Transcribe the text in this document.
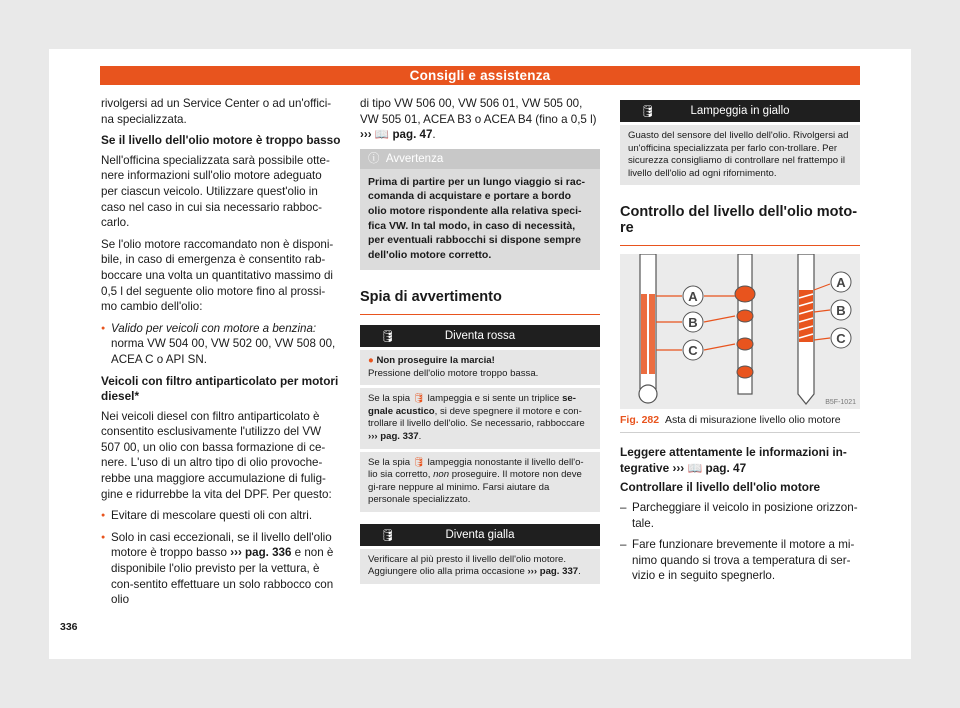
Consigli e assistenza

rivolgersi ad un Service Center o ad un'offici-na specializzata.

Se il livello dell'olio motore è troppo basso

Nell'officina specializzata sarà possibile otte-nere informazioni sull'olio motore adeguato per ciascun veicolo. Utilizzare quest'olio in caso nel caso in cui sia necessario rabboc-carlo.

Se l'olio motore raccomandato non è disponi-bile, in caso di emergenza è consentito rab-boccare una volta un quantitativo massimo di 0,5 l del seguente olio motore fino al prossi-mo cambio dell'olio:

● Valido per veicoli con motore a benzina: norma VW 504 00, VW 502 00, VW 508 00, ACEA C o API SN.

Veicoli con filtro antiparticolato per motori diesel*

Nei veicoli diesel con filtro antiparticolato è consentito esclusivamente l'utilizzo del VW 507 00, un olio con bassa formazione di ce-nere. L'uso di un altro tipo di olio provoche-rebbe una maggiore accumulazione di fulig-gine e ridurrebbe la vita del DPF. Per questo:

● Evitare di mescolare questi oli con altri.

● Solo in casi eccezionali, se il livello dell'olio motore è troppo basso ››› pag. 336 e non è disponibile l'olio previsto per la vettura, è con-sentito effettuare un solo rabbocco con olio

di tipo VW 506 00, VW 506 01, VW 505 00, VW 505 01, ACEA B3 o ACEA B4 (fino a 0,5 l)
››› 📖 pag. 47.

ⓘ Avvertenza
Prima di partire per un lungo viaggio si rac-comanda di acquistare e portare a bordo olio motore rispondente alla relativa speci-fica VW. In tal modo, in caso di necessità, per eventuali rabbocchi si dispone sempre dell'olio motore corretto.
Spia di avvertimento
🛢	Diventa rossa
● Non proseguire la marcia!
Pressione dell'olio motore troppo bassa.
Se la spia 🛢 lampeggia e si sente un triplice se-gnale acustico, si deve spegnere il motore e con-trollare il livello dell'olio. Se necessario, rabboccare ››› pag. 337.
Se la spia 🛢 lampeggia nonostante il livello dell'o-lio sia corretto, non proseguire. Il motore non deve gi-rare neppure al minimo. Farsi aiutare da personale specializzato.
🛢	Diventa gialla
Verificare al più presto il livello dell'olio motore. Aggiungere olio alla prima occasione ››› pag. 337.
🛢	Lampeggia in giallo
Guasto del sensore del livello dell'olio. Rivolgersi ad un'officina specializzata per farlo con-trollare. Per sicurezza consigliamo di controllare nel frattempo il livello dell'olio ad ogni rifornimento.
Controllo del livello dell'olio moto-re
A
B
C
A
B
C
B5F-1021
Fig. 282 Asta di misurazione livello olio motore
Leggere attentamente le informazioni in-tegrative ››› 📖 pag. 47
Controllare il livello dell'olio motore

– Parcheggiare il veicolo in posizione orizzon-tale.

– Fare funzionare brevemente il motore a mi-nimo quando si trova a temperatura di ser-vizio e in seguito spegnerlo.

336
